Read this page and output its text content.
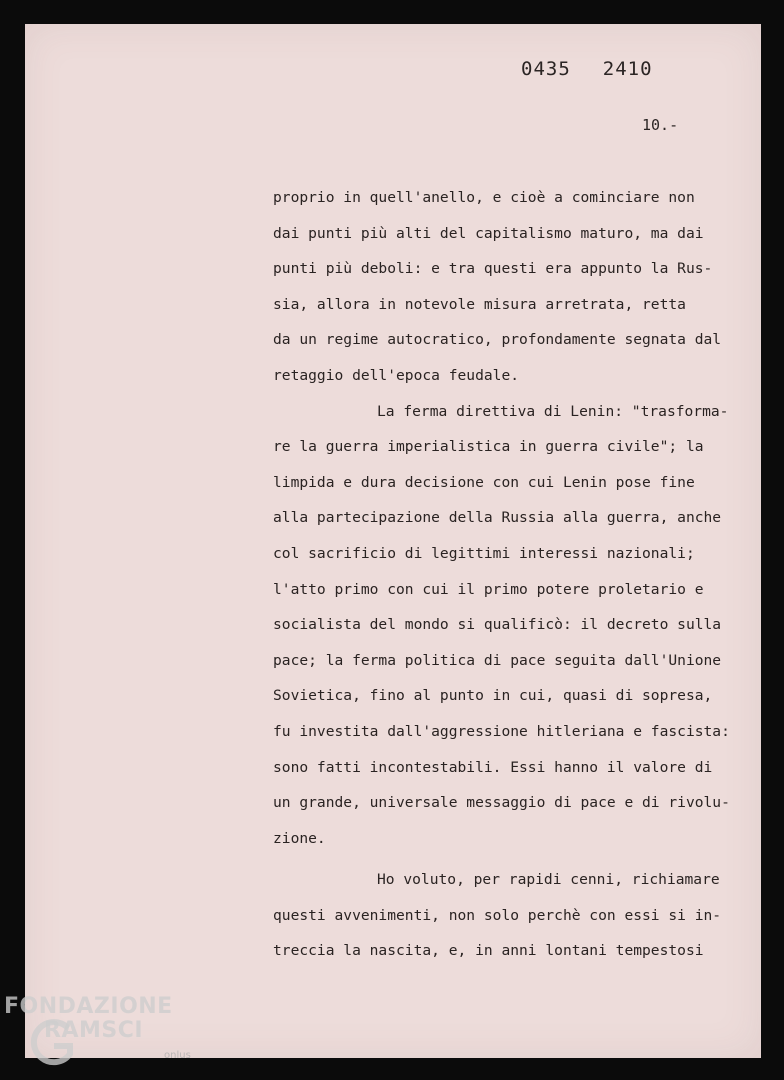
0435 2410
10.-
proprio in quell'anello, e cioè a cominciare non
dai punti più alti del capitalismo maturo, ma dai
punti più deboli: e tra questi era appunto la Rus-
sia, allora in notevole misura arretrata, retta
da un regime autocratico, profondamente segnata dal
retaggio dell'epoca feudale.
La ferma direttiva di Lenin: "trasforma-
re la guerra imperialistica in guerra civile"; la
limpida e dura decisione con cui Lenin pose fine
alla partecipazione della Russia alla guerra, anche
col sacrificio di legittimi interessi nazionali;
l'atto primo con cui il primo potere proletario e
socialista del mondo si qualificò: il decreto sulla
pace; la ferma politica di pace seguita dall'Unione
Sovietica, fino al punto in cui, quasi di sopresa,
fu investita dall'aggressione hitleriana e fascista:
sono fatti incontestabili. Essi hanno il valore di
un grande, universale messaggio di pace e di rivolu-
zione.
Ho voluto, per rapidi cenni, richiamare
questi avvenimenti, non solo perchè con essi si in-
treccia la nascita, e, in anni lontani tempestosi
FONDAZIONE
RAMSCI
onlus
